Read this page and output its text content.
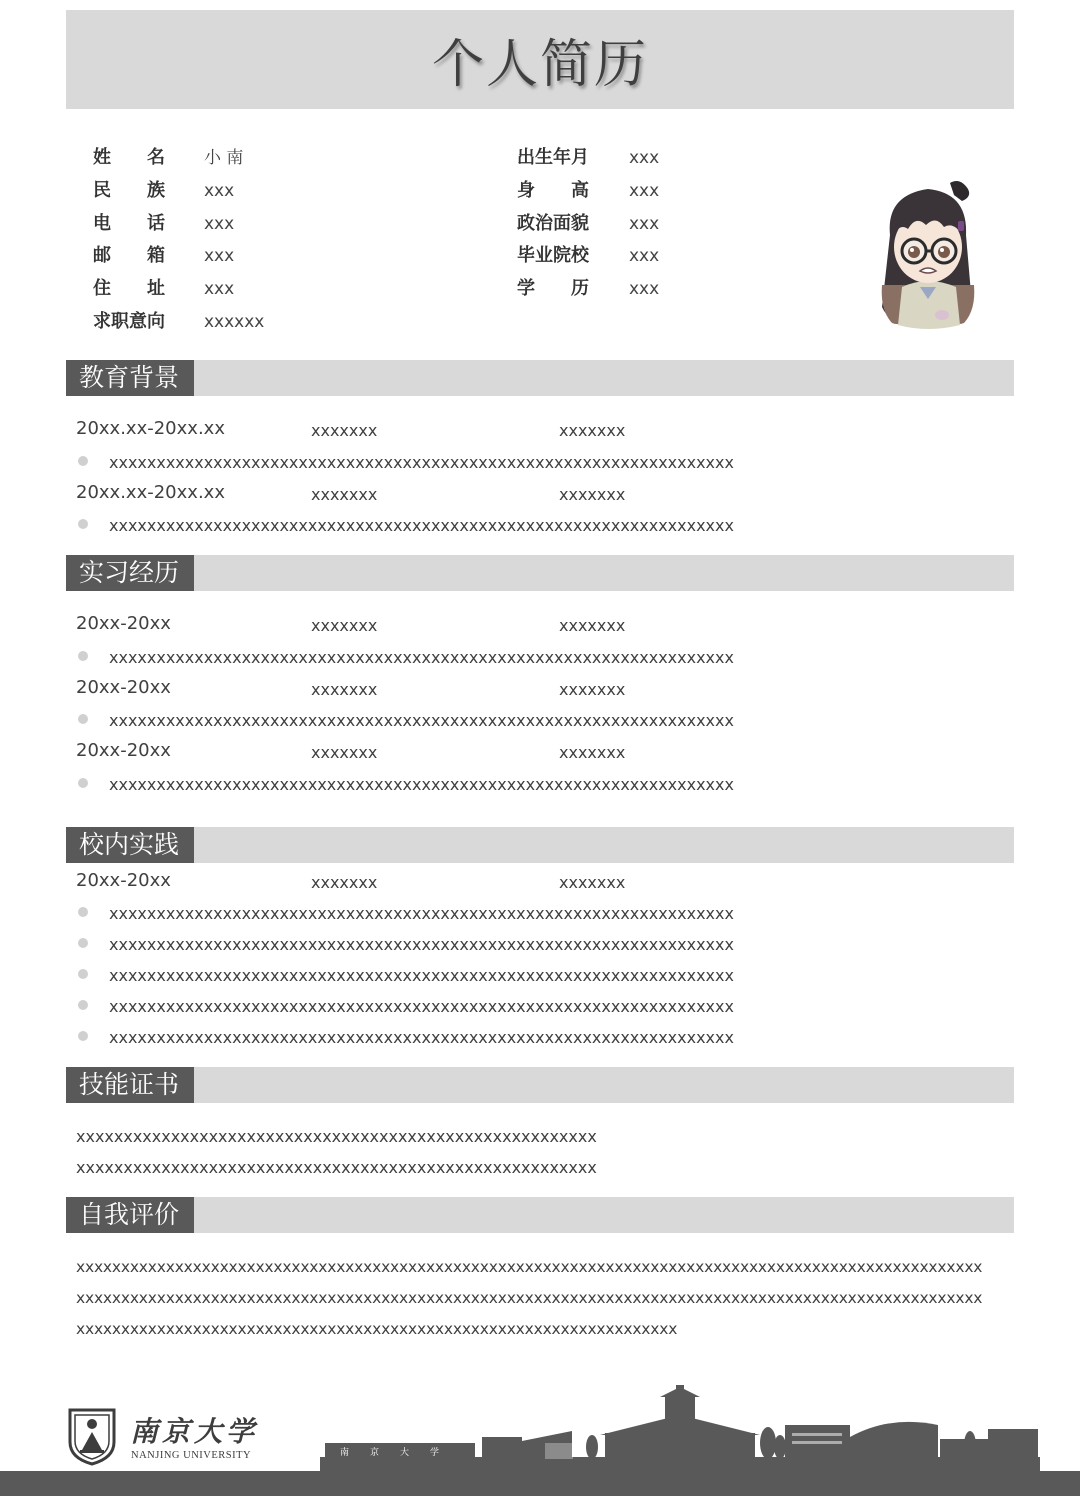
个人简历
姓　　名 小 南
民　　族 xxx
电　　话 xxx
邮　　箱 xxx
住　　址 xxx
求职意向 xxxxxx
出生年月 xxx
身　　高 xxx
政治面貌 xxx
毕业院校 xxx
学　　历 xxx
教育背景
20xx.xx-20xx.xx	xxxxxxx	xxxxxxx
xxxxxxxxxxxxxxxxxxxxxxxxxxxxxxxxxxxxxxxxxxxxxxxxxxxxxxxxxxxxxxxxxx
20xx.xx-20xx.xx	xxxxxxx	xxxxxxx
xxxxxxxxxxxxxxxxxxxxxxxxxxxxxxxxxxxxxxxxxxxxxxxxxxxxxxxxxxxxxxxxxx
实习经历
20xx-20xx	xxxxxxx	xxxxxxx
xxxxxxxxxxxxxxxxxxxxxxxxxxxxxxxxxxxxxxxxxxxxxxxxxxxxxxxxxxxxxxxxxx
20xx-20xx	xxxxxxx	xxxxxxx
xxxxxxxxxxxxxxxxxxxxxxxxxxxxxxxxxxxxxxxxxxxxxxxxxxxxxxxxxxxxxxxxxx
20xx-20xx	xxxxxxx	xxxxxxx
xxxxxxxxxxxxxxxxxxxxxxxxxxxxxxxxxxxxxxxxxxxxxxxxxxxxxxxxxxxxxxxxxx
校内实践
20xx-20xx	xxxxxxx	xxxxxxx
xxxxxxxxxxxxxxxxxxxxxxxxxxxxxxxxxxxxxxxxxxxxxxxxxxxxxxxxxxxxxxxxxx
xxxxxxxxxxxxxxxxxxxxxxxxxxxxxxxxxxxxxxxxxxxxxxxxxxxxxxxxxxxxxxxxxx
xxxxxxxxxxxxxxxxxxxxxxxxxxxxxxxxxxxxxxxxxxxxxxxxxxxxxxxxxxxxxxxxxx
xxxxxxxxxxxxxxxxxxxxxxxxxxxxxxxxxxxxxxxxxxxxxxxxxxxxxxxxxxxxxxxxxx
xxxxxxxxxxxxxxxxxxxxxxxxxxxxxxxxxxxxxxxxxxxxxxxxxxxxxxxxxxxxxxxxxx
技能证书
xxxxxxxxxxxxxxxxxxxxxxxxxxxxxxxxxxxxxxxxxxxxxxxxxxxxxxx
xxxxxxxxxxxxxxxxxxxxxxxxxxxxxxxxxxxxxxxxxxxxxxxxxxxxxxx
自我评价
xxxxxxxxxxxxxxxxxxxxxxxxxxxxxxxxxxxxxxxxxxxxxxxxxxxxxxxxxxxxxxxxxxxxxxxxxxxxxxxxxxxxxxxxxxxxxxxxxxxxx
xxxxxxxxxxxxxxxxxxxxxxxxxxxxxxxxxxxxxxxxxxxxxxxxxxxxxxxxxxxxxxxxxxxxxxxxxxxxxxxxxxxxxxxxxxxxxxxxxxxxx
xxxxxxxxxxxxxxxxxxxxxxxxxxxxxxxxxxxxxxxxxxxxxxxxxxxxxxxxxxxxxxxxxxx
南京大学
NANJING UNIVERSITY	南 京 大 学
